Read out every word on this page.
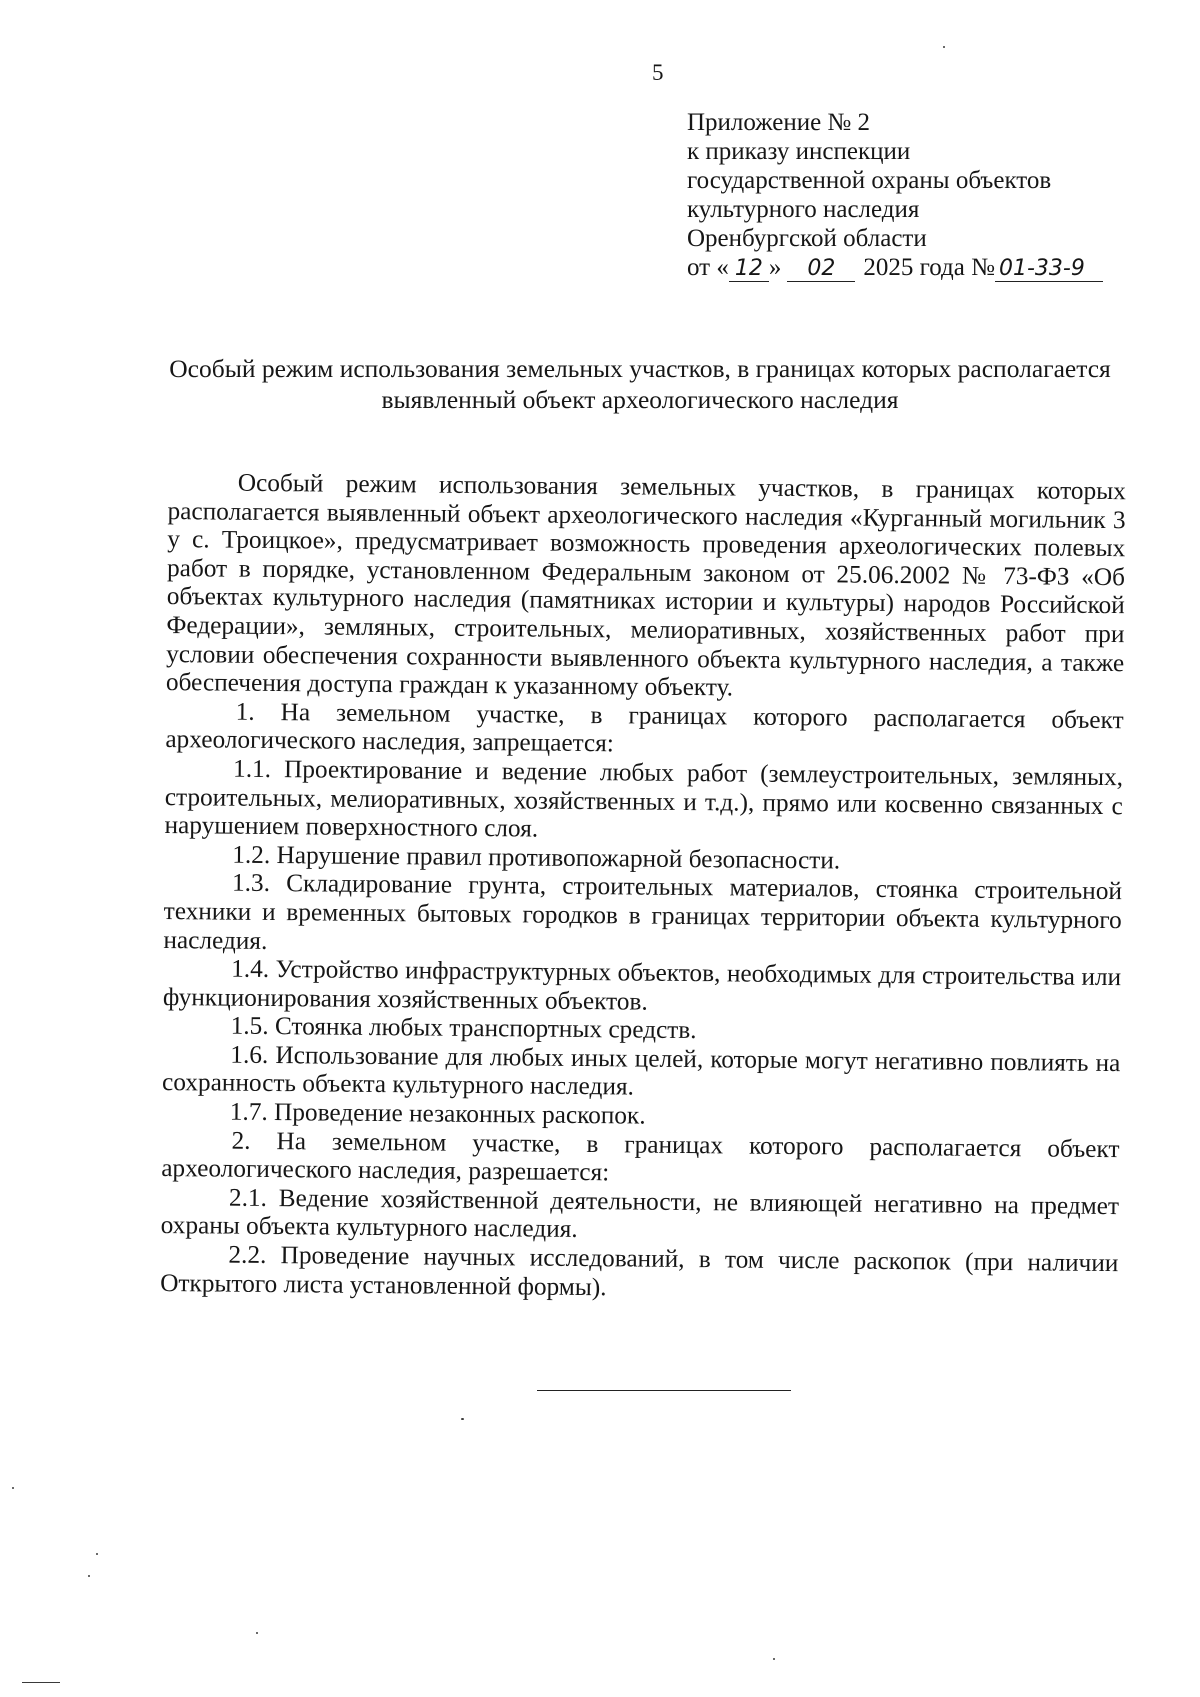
5
Приложение № 2
к приказу инспекции
государственной охраны объектов
культурного наследия
Оренбургской области
от « 12 » 02 2025 года № 01-33-9
Особый режим использования земельных участков, в границах которых располагается выявленный объект археологического наследия

Особый режим использования земельных участков, в границах которых располагается выявленный объект археологического наследия «Курганный могильник 3 у с. Троицкое», предусматривает возможность проведения археологических полевых работ в порядке, установленном Федеральным законом от 25.06.2002 № 73-ФЗ «Об объектах культурного наследия (памятниках истории и культуры) народов Российской Федерации», земляных, строительных, мелиоративных, хозяйственных работ при условии обеспечения сохранности выявленного объекта культурного наследия, а также обеспечения доступа граждан к указанному объекту.

1. На земельном участке, в границах которого располагается объект археологического наследия, запрещается:

1.1. Проектирование и ведение любых работ (землеустроительных, земляных, строительных, мелиоративных, хозяйственных и т.д.), прямо или косвенно связанных с нарушением поверхностного слоя.

1.2. Нарушение правил противопожарной безопасности.

1.3. Складирование грунта, строительных материалов, стоянка строительной техники и временных бытовых городков в границах территории объекта культурного наследия.

1.4. Устройство инфраструктурных объектов, необходимых для строительства или функционирования хозяйственных объектов.

1.5. Стоянка любых транспортных средств.

1.6. Использование для любых иных целей, которые могут негативно повлиять на сохранность объекта культурного наследия.

1.7. Проведение незаконных раскопок.

2. На земельном участке, в границах которого располагается объект археологического наследия, разрешается:

2.1. Ведение хозяйственной деятельности, не влияющей негативно на предмет охраны объекта культурного наследия.

2.2. Проведение научных исследований, в том числе раскопок (при наличии Открытого листа установленной формы).
